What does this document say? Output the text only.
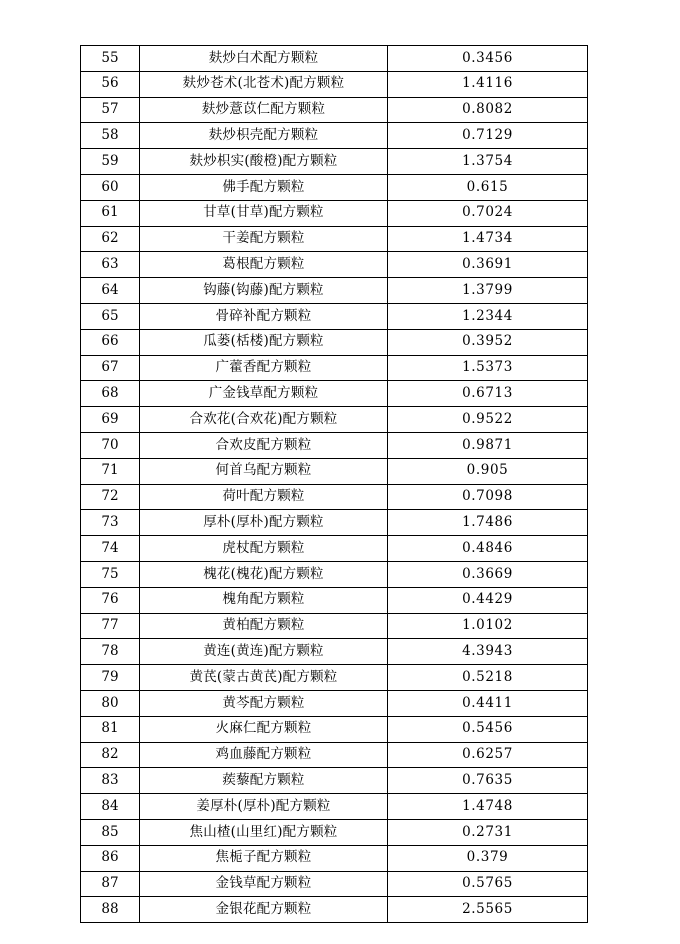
55	麸炒白术配方颗粒	0.3456
56	麸炒苍术(北苍术)配方颗粒	1.4116
57	麸炒薏苡仁配方颗粒	0.8082
58	麸炒枳壳配方颗粒	0.7129
59	麸炒枳实(酸橙)配方颗粒	1.3754
60	佛手配方颗粒	0.615
61	甘草(甘草)配方颗粒	0.7024
62	干姜配方颗粒	1.4734
63	葛根配方颗粒	0.3691
64	钩藤(钩藤)配方颗粒	1.3799
65	骨碎补配方颗粒	1.2344
66	瓜蒌(栝楼)配方颗粒	0.3952
67	广藿香配方颗粒	1.5373
68	广金钱草配方颗粒	0.6713
69	合欢花(合欢花)配方颗粒	0.9522
70	合欢皮配方颗粒	0.9871
71	何首乌配方颗粒	0.905
72	荷叶配方颗粒	0.7098
73	厚朴(厚朴)配方颗粒	1.7486
74	虎杖配方颗粒	0.4846
75	槐花(槐花)配方颗粒	0.3669
76	槐角配方颗粒	0.4429
77	黄柏配方颗粒	1.0102
78	黄连(黄连)配方颗粒	4.3943
79	黄芪(蒙古黄芪)配方颗粒	0.5218
80	黄芩配方颗粒	0.4411
81	火麻仁配方颗粒	0.5456
82	鸡血藤配方颗粒	0.6257
83	蒺藜配方颗粒	0.7635
84	姜厚朴(厚朴)配方颗粒	1.4748
85	焦山楂(山里红)配方颗粒	0.2731
86	焦栀子配方颗粒	0.379
87	金钱草配方颗粒	0.5765
88	金银花配方颗粒	2.5565
